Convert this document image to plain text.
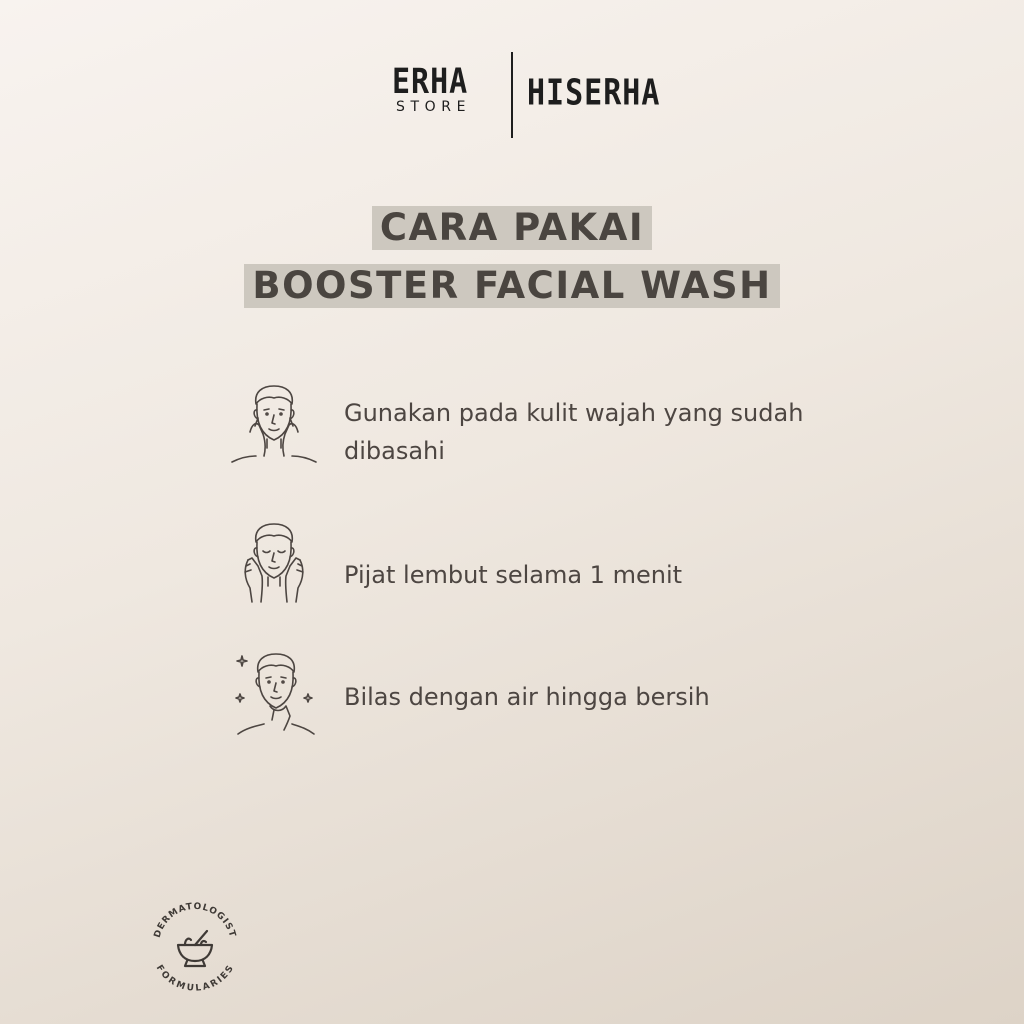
ERHA
STORE HISERHA
CARA PAKAI
BOOSTER FACIAL WASH
Gunakan pada kulit wajah yang sudah dibasahi
Pijat lembut selama 1 menit
Bilas dengan air hingga bersih
DERMATOLOGIST
FORMULARIES
